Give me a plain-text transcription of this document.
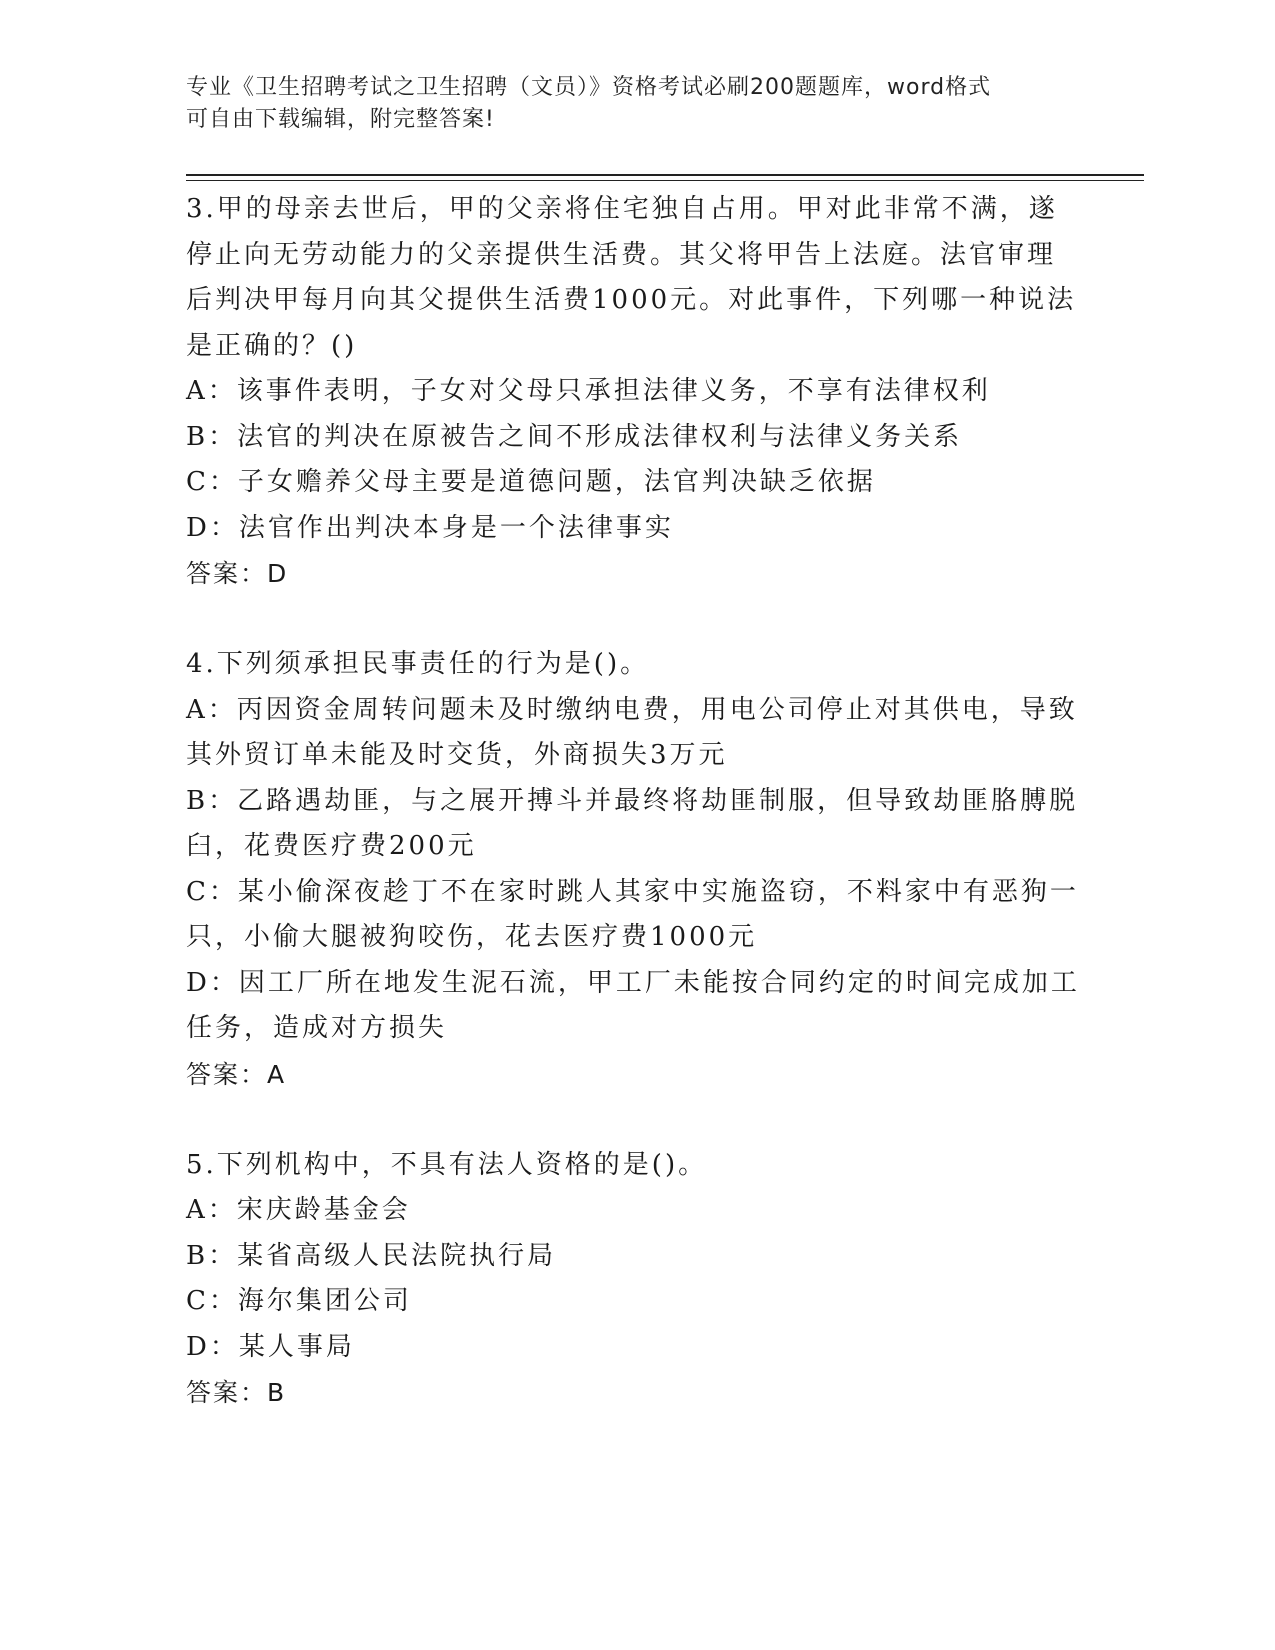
专业《卫生招聘考试之卫生招聘（文员）》资格考试必刷200题题库，word格式
可自由下载编辑，附完整答案!
3.甲的母亲去世后，甲的父亲将住宅独自占用。甲对此非常不满，遂
停止向无劳动能力的父亲提供生活费。其父将甲告上法庭。法官审理
后判决甲每月向其父提供生活费1000元。对此事件，下列哪一种说法
是正确的？()
A：该事件表明，子女对父母只承担法律义务，不享有法律权利
B：法官的判决在原被告之间不形成法律权利与法律义务关系
C：子女赡养父母主要是道德问题，法官判决缺乏依据
D：法官作出判决本身是一个法律事实
答案：D
4.下列须承担民事责任的行为是()。
A：丙因资金周转问题未及时缴纳电费，用电公司停止对其供电，导致
其外贸订单未能及时交货，外商损失3万元
B：乙路遇劫匪，与之展开搏斗并最终将劫匪制服，但导致劫匪胳膊脱
臼，花费医疗费200元
C：某小偷深夜趁丁不在家时跳人其家中实施盗窃，不料家中有恶狗一
只，小偷大腿被狗咬伤，花去医疗费1000元
D：因工厂所在地发生泥石流，甲工厂未能按合同约定的时间完成加工
任务，造成对方损失
答案：A
5.下列机构中，不具有法人资格的是()。
A：宋庆龄基金会
B：某省高级人民法院执行局
C：海尔集团公司
D：某人事局
答案：B
